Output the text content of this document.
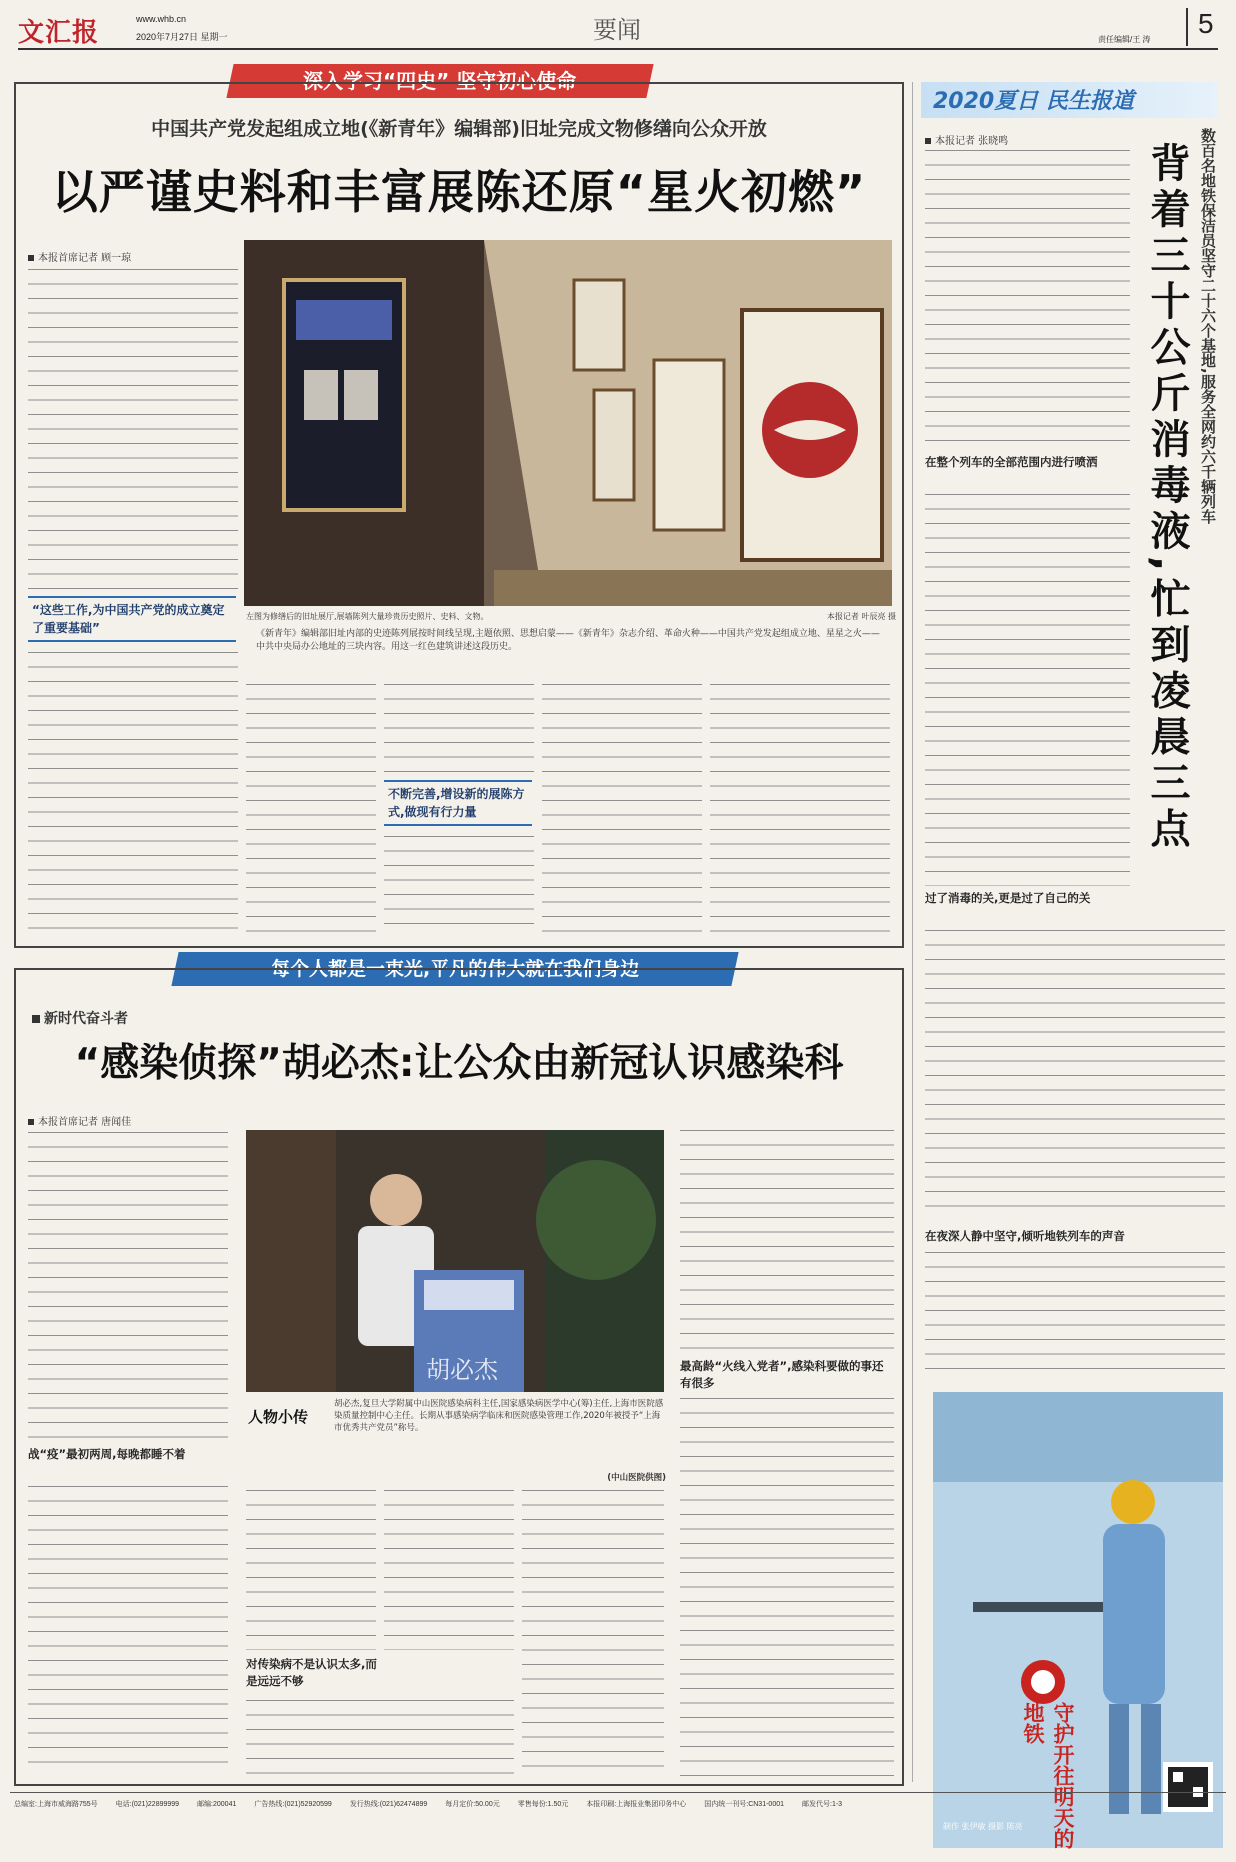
文汇报	www.whb.cn
2020年7月27日 星期一	要闻	责任编辑/王 涛
5
深入学习“四史” 坚守初心使命
中国共产党发起组成立地(《新青年》编辑部)旧址完成文物修缮向公众开放
以严谨史料和丰富展陈还原“星火初燃”
本报首席记者 顾一琼
“这些工作,为中国共产党的成立奠定了重要基础”
左图为修缮后的旧址展厅,展墙陈列大量珍贵历史照片、史料、文物。	本报记者 叶辰亮 摄
《新青年》编辑部旧址内部的史迹陈列展按时间线呈现,主题依照、思想启蒙——《新青年》杂志介绍、革命火种——中国共产党发起组成立地、星星之火——中共中央局办公地址的三块内容。用这一红色建筑讲述这段历史。
不断完善,增设新的展陈方式,做现有行力量
2020夏日 民生报道
本报记者 张晓鸣
在整个列车的全部范围内进行喷洒
过了消毒的关,更是过了自己的关
在夜深人静中坚守,倾听地铁列车的声音
数百名地铁保洁员坚守二十六个基地,服务全网约六千辆列车
背着三十公斤消毒液,忙到凌晨三点
守护开往明天的地铁
制作 张伊敏 摄影 陈亮
每个人都是一束光,平凡的伟大就在我们身边
新时代奋斗者
“感染侦探”胡必杰:让公众由新冠认识感染科
本报首席记者 唐闻佳
战“疫”最初两周,每晚都睡不着
胡必杰
人物小传
胡必杰,复旦大学附属中山医院感染病科主任,国家感染病医学中心(筹)主任,上海市医院感染质量控制中心主任。长期从事感染病学临床和医院感染管理工作,2020年被授予“上海市优秀共产党员”称号。
(中山医院供图)
对传染病不是认识太多,而是远远不够
最高龄“火线入党者”,感染科要做的事还有很多
总编室:上海市威海路755号	电话:(021)22899999	邮编:200041	广告热线:(021)52920599	发行热线:(021)62474899	每月定价:50.00元	零售每份:1.50元	本报印刷:上海报业集团印务中心	国内统一刊号:CN31-0001	邮发代号:1-3
